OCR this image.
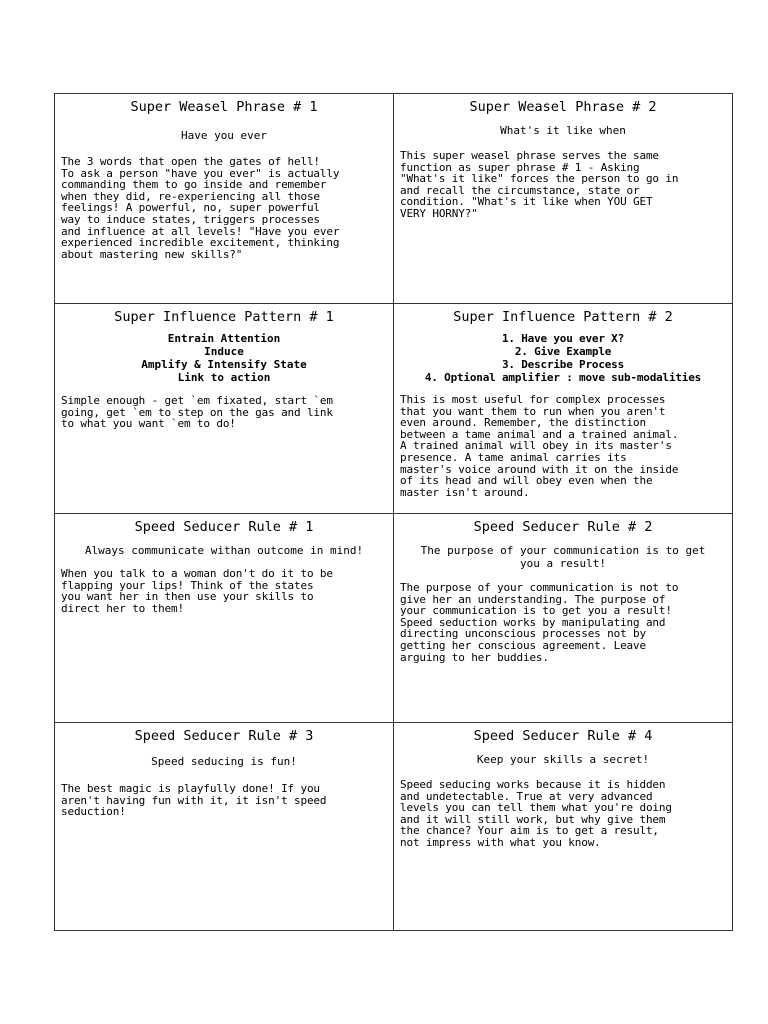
Super Weasel Phrase # 1
Have you ever
The 3 words that open the gates of hell!
To ask a person "have you ever" is actually
commanding them to go inside and remember
when they did, re-experiencing all those
feelings! A powerful, no, super powerful
way to induce states, triggers processes
and influence at all levels! "Have you ever
experienced incredible excitement, thinking
about mastering new skills?"
Super Weasel Phrase # 2
What's it like when
This super weasel phrase serves the same
function as super phrase # 1 - Asking
"What's it like" forces the person to go in
and recall the circumstance, state or
condition. "What's it like when YOU GET
VERY HORNY?"
Super Influence Pattern # 1
Entrain Attention
Induce
Amplify & Intensify State
Link to action
Simple enough - get `em fixated, start `em
going, get `em to step on the gas and link
to what you want `em to do!
Super Influence Pattern # 2
1. Have you ever X?
2. Give Example
3. Describe Process
4. Optional amplifier : move sub-modalities
This is most useful for complex processes
that you want them to run when you aren't
even around. Remember, the distinction
between a tame animal and a trained animal.
A trained animal will obey in its master's
presence. A tame animal carries its
master's voice around with it on the inside
of its head and will obey even when the
master isn't around.
Speed Seducer Rule # 1
Always communicate withan outcome in mind!
When you talk to a woman don't do it to be
flapping your lips! Think of the states
you want her in then use your skills to
direct her to them!
Speed Seducer Rule # 2
The purpose of your communication is to get
you a result!
The purpose of your communication is not to
give her an understanding. The purpose of
your communication is to get you a result!
Speed seduction works by manipulating and
directing unconscious processes not by
getting her conscious agreement. Leave
arguing to her buddies.
Speed Seducer Rule # 3
Speed seducing is fun!
The best magic is playfully done! If you
aren't having fun with it, it isn't speed
seduction!
Speed Seducer Rule # 4
Keep your skills a secret!
Speed seducing works because it is hidden
and undetectable. True at very advanced
levels you can tell them what you're doing
and it will still work, but why give them
the chance? Your aim is to get a result,
not impress with what you know.
